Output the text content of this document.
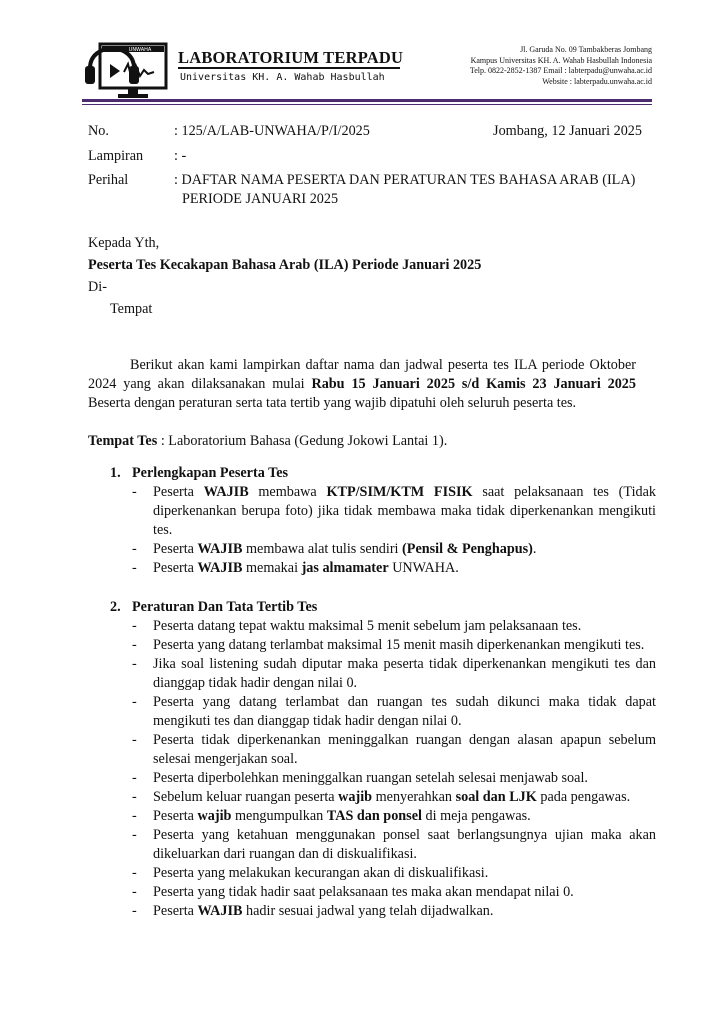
UNWAHA LABORATORIUM TERPADU
Universitas KH. A. Wahab Hasbullah
Jl. Garuda No. 09 Tambakberas Jombang
Kampus Universitas KH. A. Wahab Hasbullah Indonesia
Telp. 0822-2852-1387 Email : labterpadu@unwaha.ac.id
Website : labterpadu.unwaha.ac.id
No.	: 125/A/LAB-UNWAHA/P/I/2025	Jombang, 12 Januari 2025
Lampiran : -
Perihal	: DAFTAR NAMA PESERTA DAN PERATURAN TES BAHASA ARAB (ILA)
PERIODE JANUARI 2025
Kepada Yth,
Peserta Tes Kecakapan Bahasa Arab (ILA) Periode Januari 2025
Di-
Tempat

Berikut akan kami lampirkan daftar nama dan jadwal peserta tes ILA periode Oktober 2024 yang akan dilaksanakan mulai Rabu 15 Januari 2025 s/d Kamis 23 Januari 2025 Beserta dengan peraturan serta tata tertib yang wajib dipatuhi oleh seluruh peserta tes.

Tempat Tes : Laboratorium Bahasa (Gedung Jokowi Lantai 1).
1. Perlengkapan Peserta Tes
- Peserta WAJIB membawa KTP/SIM/KTM FISIK saat pelaksanaan tes (Tidak diperkenankan berupa foto) jika tidak membawa maka tidak diperkenankan mengikuti tes.
- Peserta WAJIB membawa alat tulis sendiri (Pensil & Penghapus).
- Peserta WAJIB memakai jas almamater UNWAHA.
2. Peraturan Dan Tata Tertib Tes
- Peserta datang tepat waktu maksimal 5 menit sebelum jam pelaksanaan tes.
- Peserta yang datang terlambat maksimal 15 menit masih diperkenankan mengikuti tes.
- Jika soal listening sudah diputar maka peserta tidak diperkenankan mengikuti tes dan dianggap tidak hadir dengan nilai 0.
- Peserta yang datang terlambat dan ruangan tes sudah dikunci maka tidak dapat mengikuti tes dan dianggap tidak hadir dengan nilai 0.
- Peserta tidak diperkenankan meninggalkan ruangan dengan alasan apapun sebelum selesai mengerjakan soal.
- Peserta diperbolehkan meninggalkan ruangan setelah selesai menjawab soal.
- Sebelum keluar ruangan peserta wajib menyerahkan soal dan LJK pada pengawas.
- Peserta wajib mengumpulkan TAS dan ponsel di meja pengawas.
- Peserta yang ketahuan menggunakan ponsel saat berlangsungnya ujian maka akan dikeluarkan dari ruangan dan di diskualifikasi.
- Peserta yang melakukan kecurangan akan di diskualifikasi.
- Peserta yang tidak hadir saat pelaksanaan tes maka akan mendapat nilai 0.
- Peserta WAJIB hadir sesuai jadwal yang telah dijadwalkan.
